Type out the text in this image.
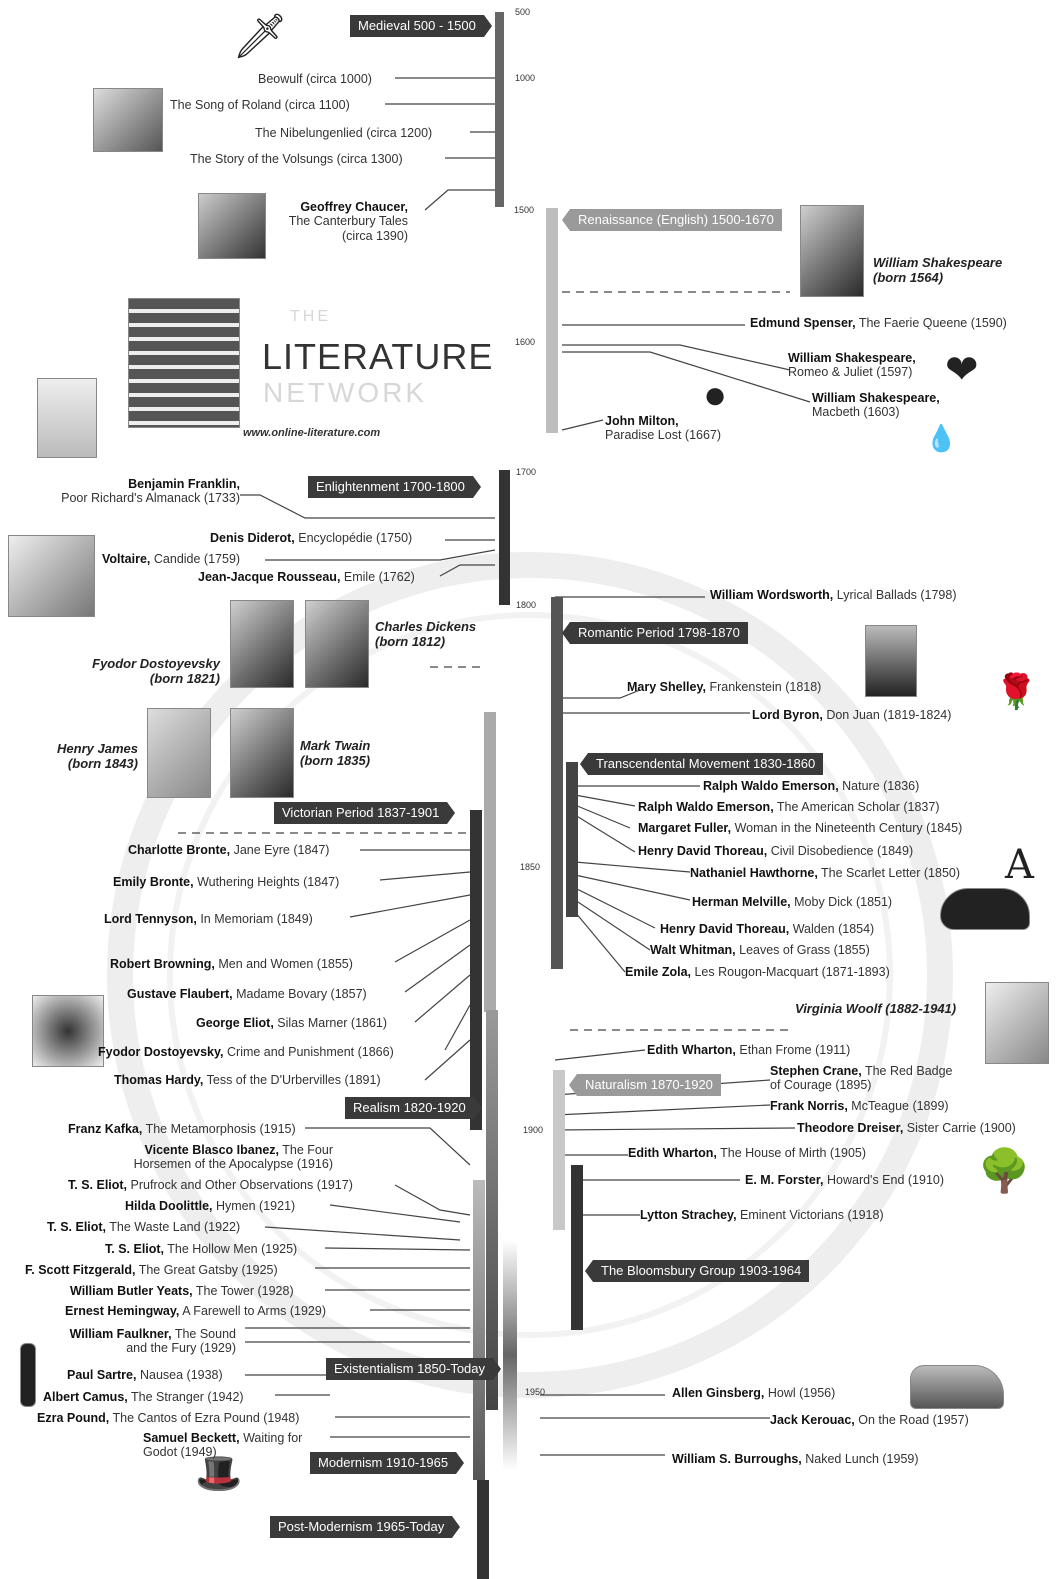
500
1000
1500
1600
1700
1800
1850
1900
1950
Medieval 500 - 1500
Renaissance (English) 1500-1670
Enlightenment 1700-1800
Romantic Period 1798-1870
Transcendental Movement 1830-1860
Victorian Period 1837-1901
Realism 1820-1920
Naturalism 1870-1920
The Bloomsbury Group 1903-1964
Existentialism 1850-Today
Modernism 1910-1965
Post-Modernism 1965-Today
🗡
❤
●
💧
🌹
A
🌳
🎩
THE
LITERATURE
NETWORK
www.online-literature.com
Beowulf (circa 1000)
The Song of Roland (circa 1100)
The Nibelungenlied (circa 1200)
The Story of the Volsungs (circa 1300)
Geoffrey Chaucer,
The Canterbury Tales
(circa 1390)
William Shakespeare
(born 1564)
Edmund Spenser, The Faerie Queene (1590)
William Shakespeare,
Romeo & Juliet (1597)
William Shakespeare,
Macbeth (1603)
John Milton,
Paradise Lost (1667)
Benjamin Franklin,
Poor Richard's Almanack (1733)
Denis Diderot, Encyclopédie (1750)
Voltaire, Candide (1759)
Jean-Jacque Rousseau, Emile (1762)
Charles Dickens
(born 1812)
Fyodor Dostoyevsky
(born 1821)
Henry James
(born 1843)
Mark Twain
(born 1835)
Virginia Woolf (1882-1941)
William Wordsworth, Lyrical Ballads (1798)
Mary Shelley, Frankenstein (1818)
Lord Byron, Don Juan (1819-1824)
Ralph Waldo Emerson, Nature (1836)
Ralph Waldo Emerson, The American Scholar (1837)
Margaret Fuller, Woman in the Nineteenth Century (1845)
Henry David Thoreau, Civil Disobedience (1849)
Nathaniel Hawthorne, The Scarlet Letter (1850)
Herman Melville, Moby Dick (1851)
Henry David Thoreau, Walden (1854)
Walt Whitman, Leaves of Grass (1855)
Emile Zola, Les Rougon-Macquart (1871-1893)
Charlotte Bronte, Jane Eyre (1847)
Emily Bronte, Wuthering Heights (1847)
Lord Tennyson, In Memoriam (1849)
Robert Browning, Men and Women (1855)
Gustave Flaubert, Madame Bovary (1857)
George Eliot, Silas Marner (1861)
Fyodor Dostoyevsky, Crime and Punishment (1866)
Thomas Hardy, Tess of the D'Urbervilles (1891)
Edith Wharton, Ethan Frome (1911)
Stephen Crane, The Red Badge
of Courage (1895)
Frank Norris, McTeague (1899)
Theodore Dreiser, Sister Carrie (1900)
Edith Wharton, The House of Mirth (1905)
E. M. Forster, Howard's End (1910)
Lytton Strachey, Eminent Victorians (1918)
Franz Kafka, The Metamorphosis (1915)
Vicente Blasco Ibanez, The Four
Horsemen of the Apocalypse (1916)
T. S. Eliot, Prufrock and Other Observations (1917)
Hilda Doolittle, Hymen (1921)
T. S. Eliot, The Waste Land (1922)
T. S. Eliot, The Hollow Men (1925)
F. Scott Fitzgerald, The Great Gatsby (1925)
William Butler Yeats, The Tower (1928)
Ernest Hemingway, A Farewell to Arms (1929)
William Faulkner, The Sound
and the Fury (1929)
Paul Sartre, Nausea (1938)
Albert Camus, The Stranger (1942)
Ezra Pound, The Cantos of Ezra Pound (1948)
Samuel Beckett, Waiting for
Godot (1949)
Allen Ginsberg, Howl (1956)
Jack Kerouac, On the Road (1957)
William S. Burroughs, Naked Lunch (1959)
